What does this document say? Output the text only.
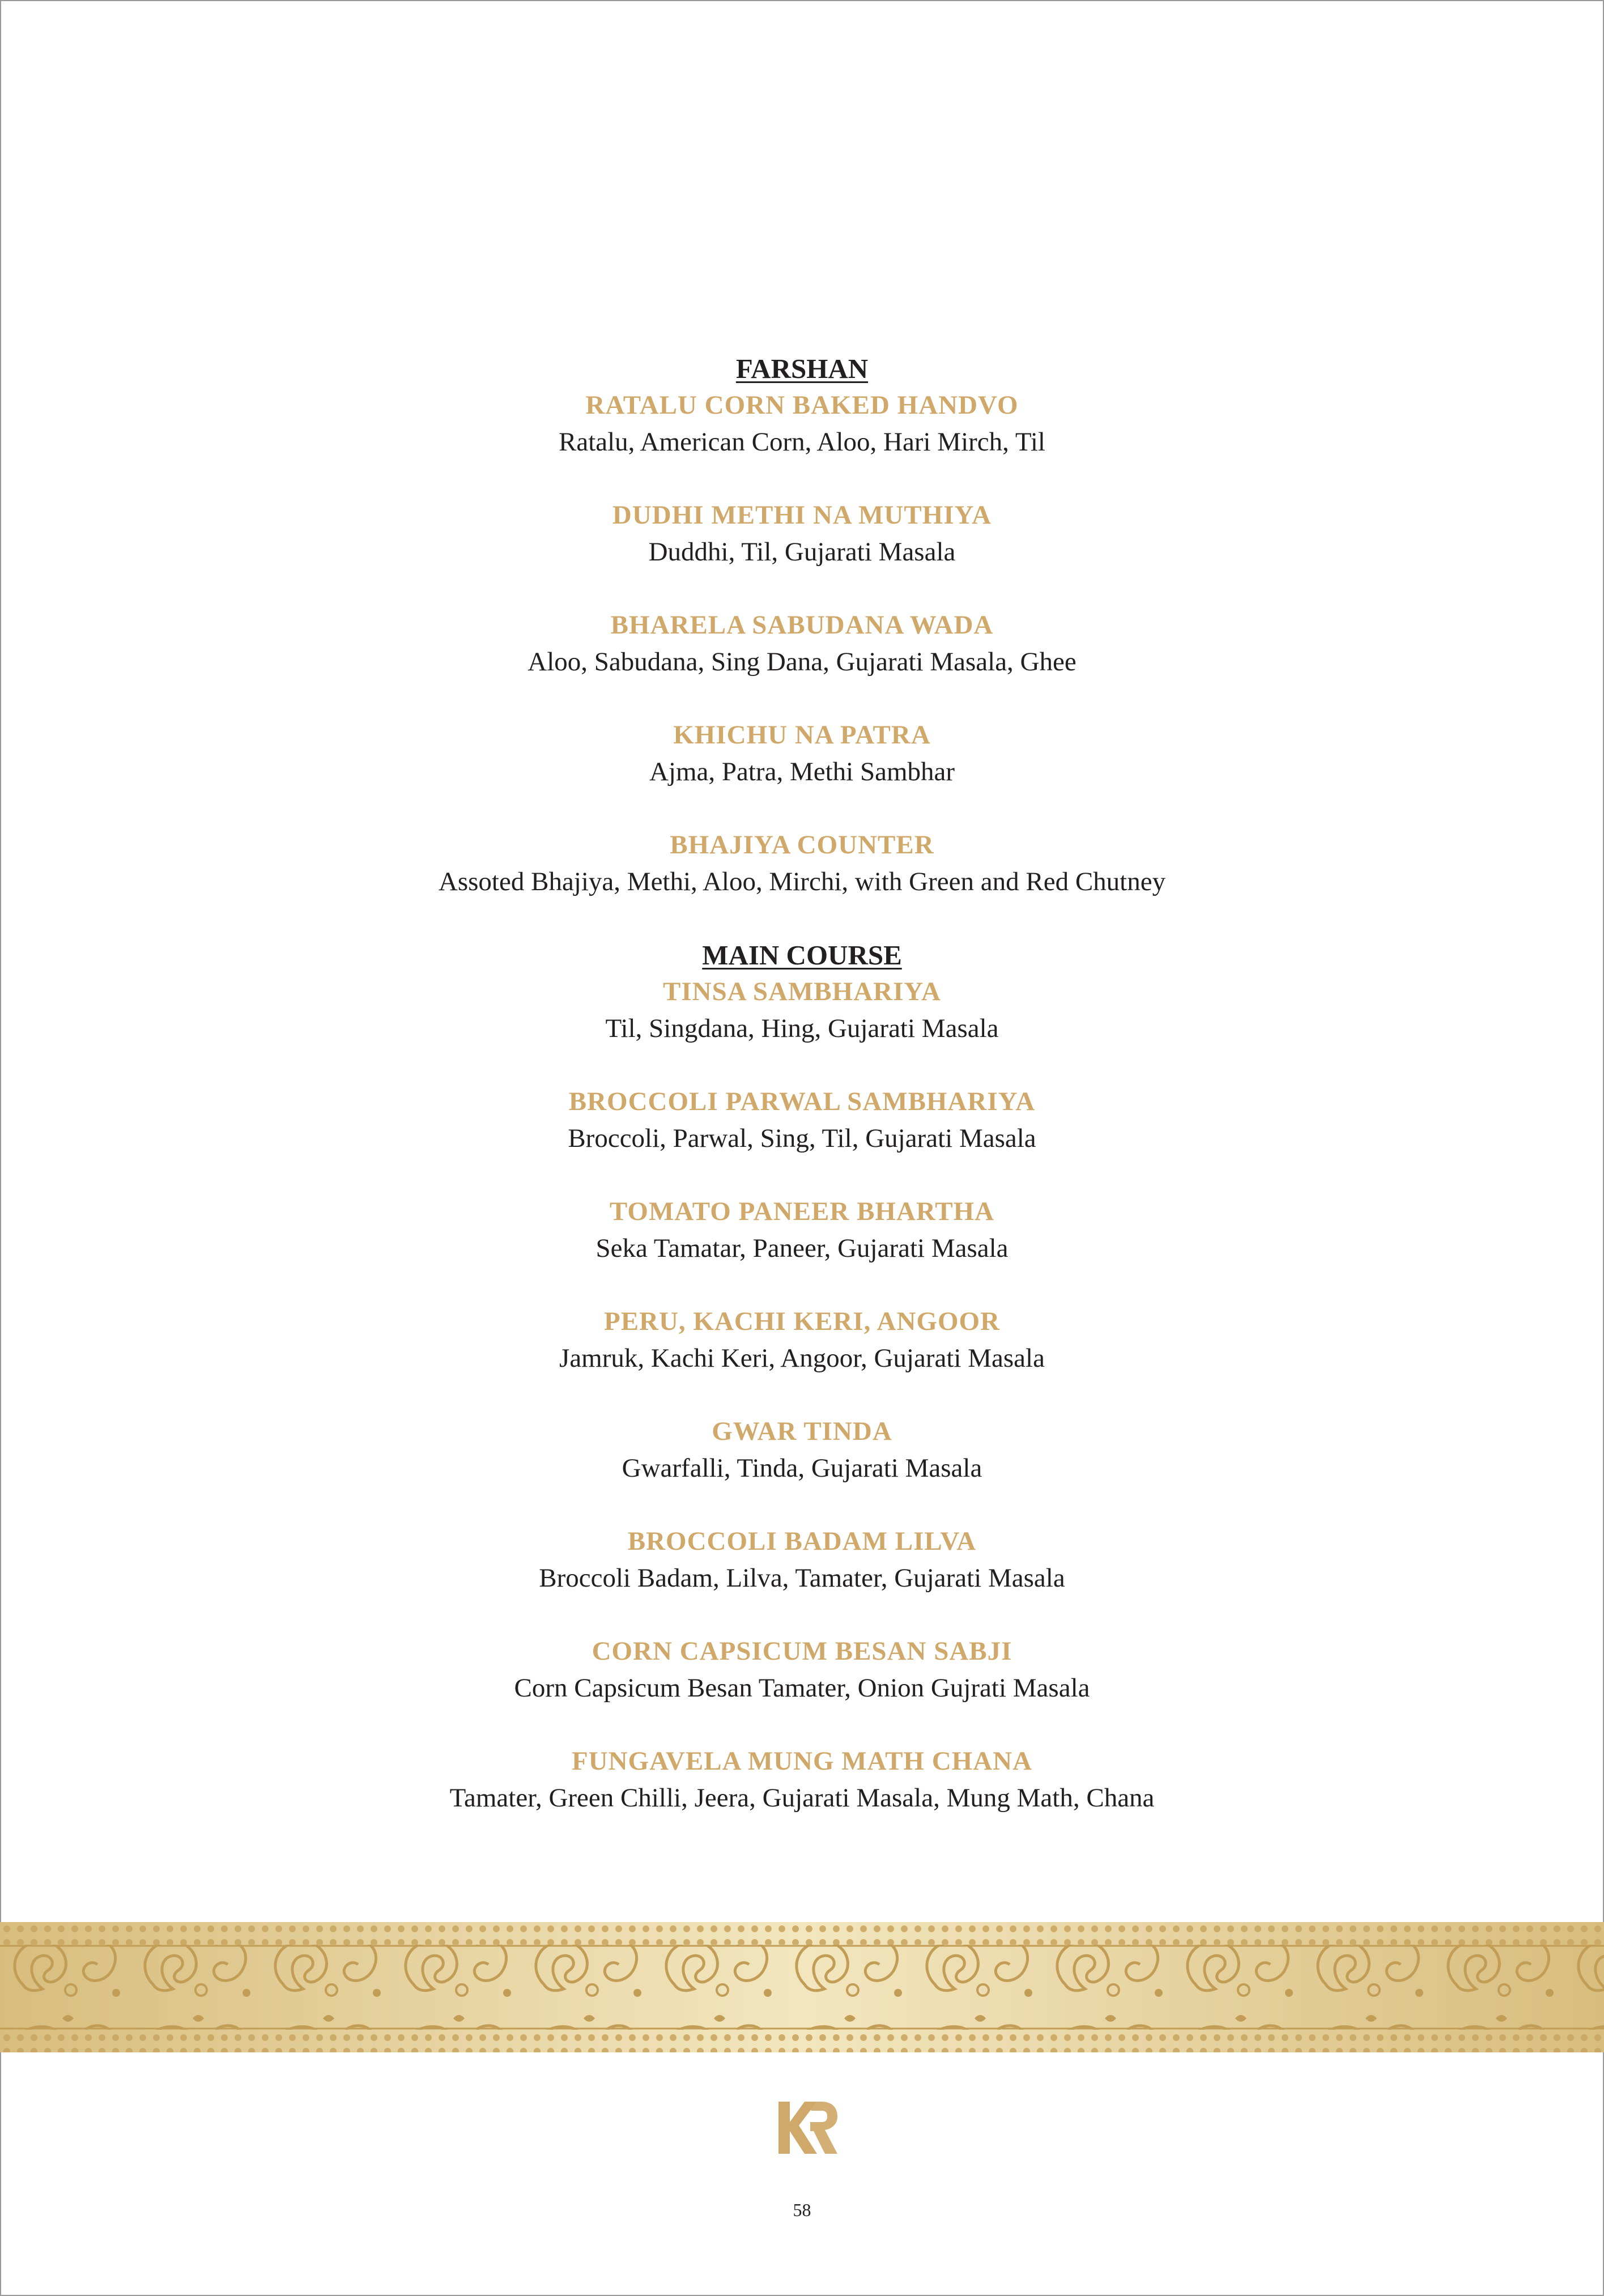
FARSHAN
RATALU CORN BAKED HANDVO
Ratalu, American Corn, Aloo, Hari Mirch, Til
DUDHI METHI NA MUTHIYA
Duddhi, Til, Gujarati Masala
BHARELA SABUDANA WADA
Aloo, Sabudana, Sing Dana, Gujarati Masala, Ghee
KHICHU NA PATRA
Ajma, Patra, Methi Sambhar
BHAJIYA COUNTER
Assoted Bhajiya, Methi, Aloo, Mirchi, with Green and Red Chutney
MAIN COURSE
TINSA SAMBHARIYA
Til, Singdana, Hing, Gujarati Masala
BROCCOLI PARWAL SAMBHARIYA
Broccoli, Parwal, Sing, Til, Gujarati Masala
TOMATO PANEER BHARTHA
Seka Tamatar, Paneer, Gujarati Masala
PERU, KACHI KERI, ANGOOR
Jamruk, Kachi Keri, Angoor, Gujarati Masala
GWAR TINDA
Gwarfalli, Tinda, Gujarati Masala
BROCCOLI BADAM LILVA
Broccoli Badam, Lilva, Tamater, Gujarati Masala
CORN CAPSICUM BESAN SABJI
Corn Capsicum Besan Tamater, Onion Gujrati Masala
FUNGAVELA MUNG MATH CHANA
Tamater, Green Chilli, Jeera, Gujarati Masala, Mung Math, Chana
58
